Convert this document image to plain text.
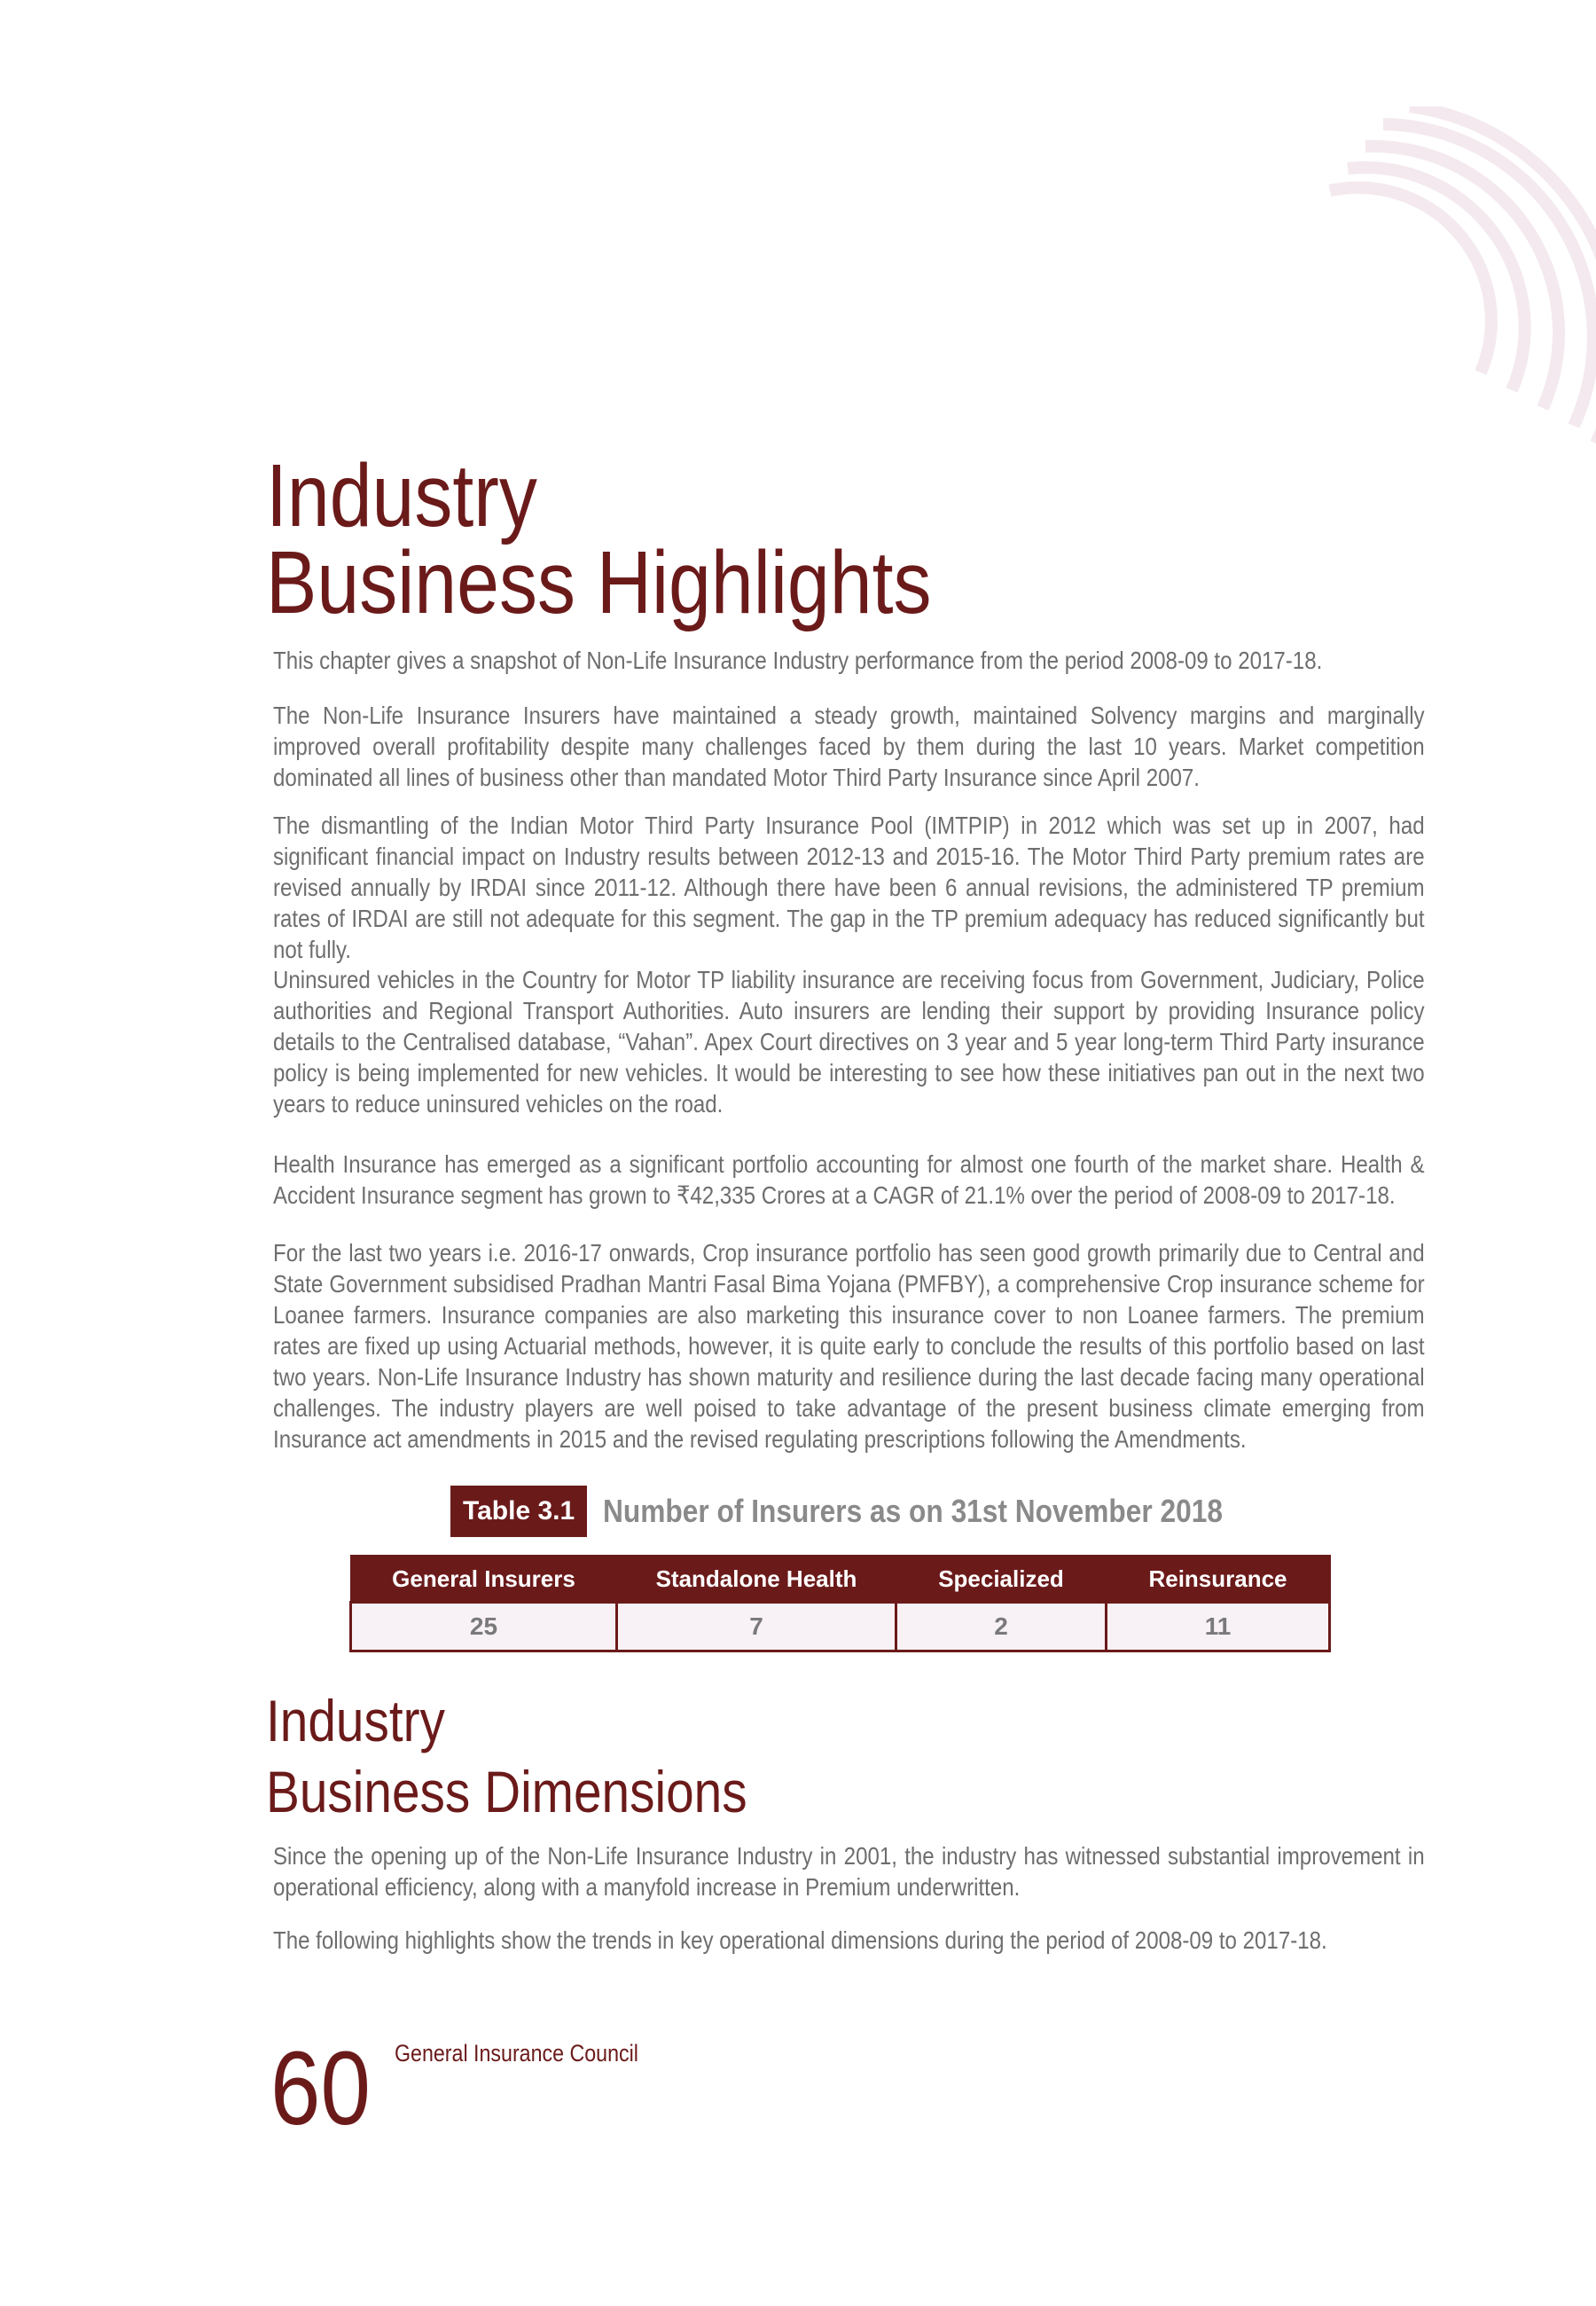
Industry
Business Highlights

This chapter gives a snapshot of Non-Life Insurance Industry performance from the period 2008-09 to 2017-18.

The Non-Life Insurance Insurers have maintained a steady growth, maintained Solvency margins and marginally improved overall profitability despite many challenges faced by them during the last 10 years. Market competition dominated all lines of business other than mandated Motor Third Party Insurance since April 2007.

The dismantling of the Indian Motor Third Party Insurance Pool (IMTPIP) in 2012 which was set up in 2007, had significant financial impact on Industry results between 2012-13 and 2015-16. The Motor Third Party premium rates are revised annually by IRDAI since 2011-12. Although there have been 6 annual revisions, the administered TP premium rates of IRDAI are still not adequate for this segment. The gap in the TP premium adequacy has reduced significantly but not fully.

Uninsured vehicles in the Country for Motor TP liability insurance are receiving focus from Government, Judiciary, Police authorities and Regional Transport Authorities. Auto insurers are lending their support by providing Insurance policy details to the Centralised database, “Vahan”. Apex Court directives on 3 year and 5 year long-term Third Party insurance policy is being implemented for new vehicles. It would be interesting to see how these initiatives pan out in the next two years to reduce uninsured vehicles on the road.

Health Insurance has emerged as a significant portfolio accounting for almost one fourth of the market share. Health & Accident Insurance segment has grown to ₹42,335 Crores at a CAGR of 21.1% over the period of 2008-09 to 2017-18.

For the last two years i.e. 2016-17 onwards, Crop insurance portfolio has seen good growth primarily due to Central and State Government subsidised Pradhan Mantri Fasal Bima Yojana (PMFBY), a comprehensive Crop insurance scheme for Loanee farmers. Insurance companies are also marketing this insurance cover to non Loanee farmers. The premium rates are fixed up using Actuarial methods, however, it is quite early to conclude the results of this portfolio based on last two years. Non-Life Insurance Industry has shown maturity and resilience during the last decade facing many operational challenges. The industry players are well poised to take advantage of the present business climate emerging from Insurance act amendments in 2015 and the revised regulating prescriptions following the Amendments.

Table 3.1 Number of Insurers as on 31st November 2018
General Insurers	Standalone Health	Specialized	Reinsurance
25	7	2	11
Industry
Business Dimensions

Since the opening up of the Non-Life Insurance Industry in 2001, the industry has witnessed substantial improvement in operational efficiency, along with a manyfold increase in Premium underwritten.

The following highlights show the trends in key operational dimensions during the period of 2008-09 to 2017-18.

60 General Insurance Council
